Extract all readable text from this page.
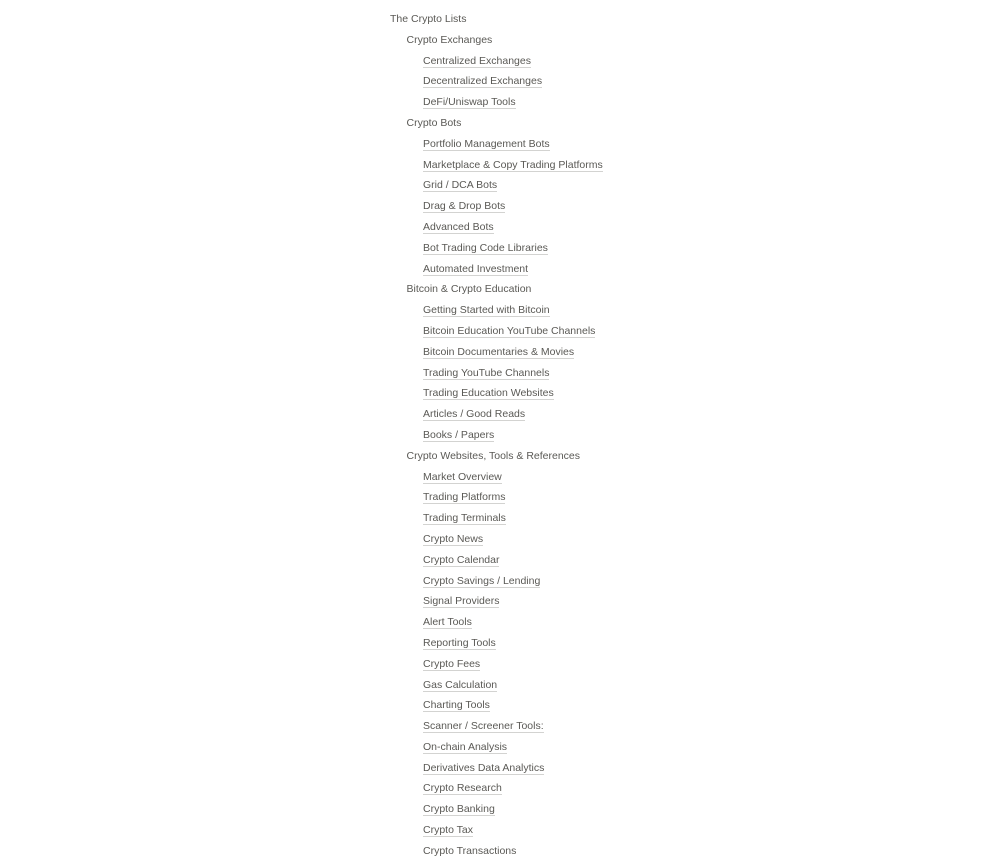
The Crypto Lists
Crypto Exchanges
Centralized Exchanges
Decentralized Exchanges
DeFi/Uniswap Tools
Crypto Bots
Portfolio Management Bots
Marketplace & Copy Trading Platforms
Grid / DCA Bots
Drag & Drop Bots
Advanced Bots
Bot Trading Code Libraries
Automated Investment
Bitcoin & Crypto Education
Getting Started with Bitcoin
Bitcoin Education YouTube Channels
Bitcoin Documentaries & Movies
Trading YouTube Channels
Trading Education Websites
Articles / Good Reads
Books / Papers
Crypto Websites, Tools & References
Market Overview
Trading Platforms
Trading Terminals
Crypto News
Crypto Calendar
Crypto Savings / Lending
Signal Providers
Alert Tools
Reporting Tools
Crypto Fees
Gas Calculation
Charting Tools
Scanner / Screener Tools:
On-chain Analysis
Derivatives Data Analytics
Crypto Research
Crypto Banking
Crypto Tax
Crypto Transactions
